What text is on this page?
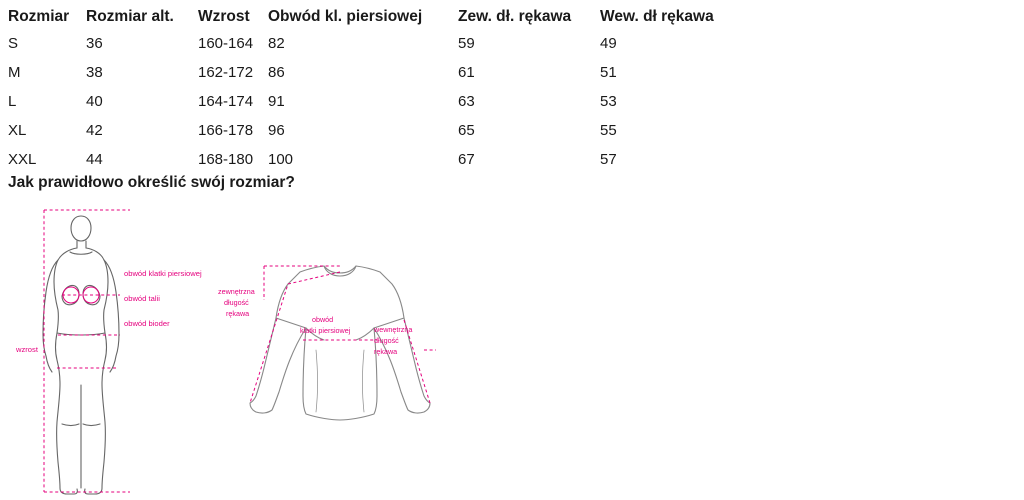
Rozmiar	Rozmiar alt.	Wzrost	Obwód kl. piersiowej	Zew. dł. rękawa	Wew. dł rękawa
S	36	160-164	82	59	49
M	38	162-172	86	61	51
L	40	164-174	91	63	53
XL	42	166-178	96	65	55
XXL	44	168-180	100	67	57
Jak prawidłowo określić swój rozmiar?
obwód klatki piersiowej
obwód talii
obwód bioder
wzrost
zewnętrzna
długość
rękawa
obwód
klatki piersiowej	wewnętrzna
długość
rękawa
